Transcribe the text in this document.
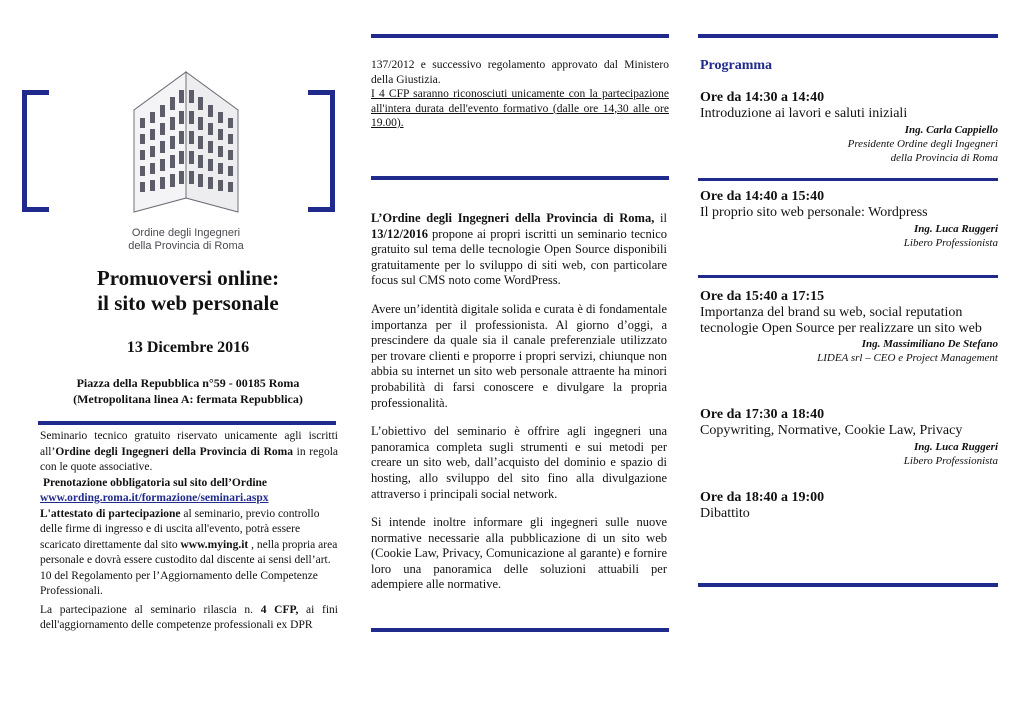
Ordine degli Ingegneri
della Provincia di Roma
Promuoversi online:
il sito web personale
13 Dicembre 2016
Piazza della Repubblica n°59 - 00185 Roma
(Metropolitana linea A: fermata Repubblica)
Seminario tecnico gratuito riservato unicamente agli iscritti all’Ordine degli Ingegneri della Provincia di Roma in regola con le quote associative.
Prenotazione obbligatoria sul sito dell’Ordine
www.ording.roma.it/formazione/seminari.aspx
L'attestato di partecipazione al seminario, previo controllo delle firme di ingresso e di uscita all'evento, potrà essere scaricato direttamente dal sito www.mying.it , nella propria area personale e dovrà essere custodito dal discente ai sensi dell’art. 10 del Regolamento per l’Aggiornamento delle Competenze Professionali.
La partecipazione al seminario rilascia n. 4 CFP, ai fini dell'aggiornamento delle competenze professionali ex DPR
137/2012 e successivo regolamento approvato dal Ministero della Giustizia.
I 4 CFP saranno riconosciuti unicamente con la partecipazione all'intera durata dell'evento formativo (dalle ore 14,30 alle ore 19.00).
L’Ordine degli Ingegneri della Provincia di Roma, il 13/12/2016 propone ai propri iscritti un seminario tecnico gratuito sul tema delle tecnologie Open Source disponibili gratuitamente per lo sviluppo di siti web, con particolare focus sul CMS noto come WordPress.
Avere un’identità digitale solida e curata è di fondamentale importanza per il professionista. Al giorno d’oggi, a prescindere da quale sia il canale preferenziale utilizzato per trovare clienti e proporre i propri servizi, chiunque non abbia su internet un sito web personale attraente ha minori probabilità di farsi conoscere e divulgare la propria professionalità.
L’obiettivo del seminario è offrire agli ingegneri una panoramica completa sugli strumenti e sui metodi per creare un sito web, dall’acquisto del dominio e spazio di hosting, allo sviluppo del sito fino alla divulgazione attraverso i principali social network.
Si intende inoltre informare gli ingegneri sulle nuove normative necessarie alla pubblicazione di un sito web (Cookie Law, Privacy, Comunicazione al garante) e fornire loro una panoramica delle soluzioni attuabili per adempiere alle normative.
Programma
Ore da 14:30 a 14:40
Introduzione ai lavori e saluti iniziali
Ing. Carla Cappiello
Presidente Ordine degli Ingegneri
della Provincia di Roma
Ore da 14:40 a 15:40
Il proprio sito web personale: Wordpress
Ing. Luca Ruggeri
Libero Professionista
Ore da 15:40 a 17:15
Importanza del brand su web, social reputation
tecnologie Open Source per realizzare un sito web
Ing. Massimiliano De Stefano
LIDEA srl – CEO e Project Management
Ore da 17:30 a 18:40
Copywriting, Normative, Cookie Law, Privacy
Ing. Luca Ruggeri
Libero Professionista
Ore da 18:40 a 19:00
Dibattito
